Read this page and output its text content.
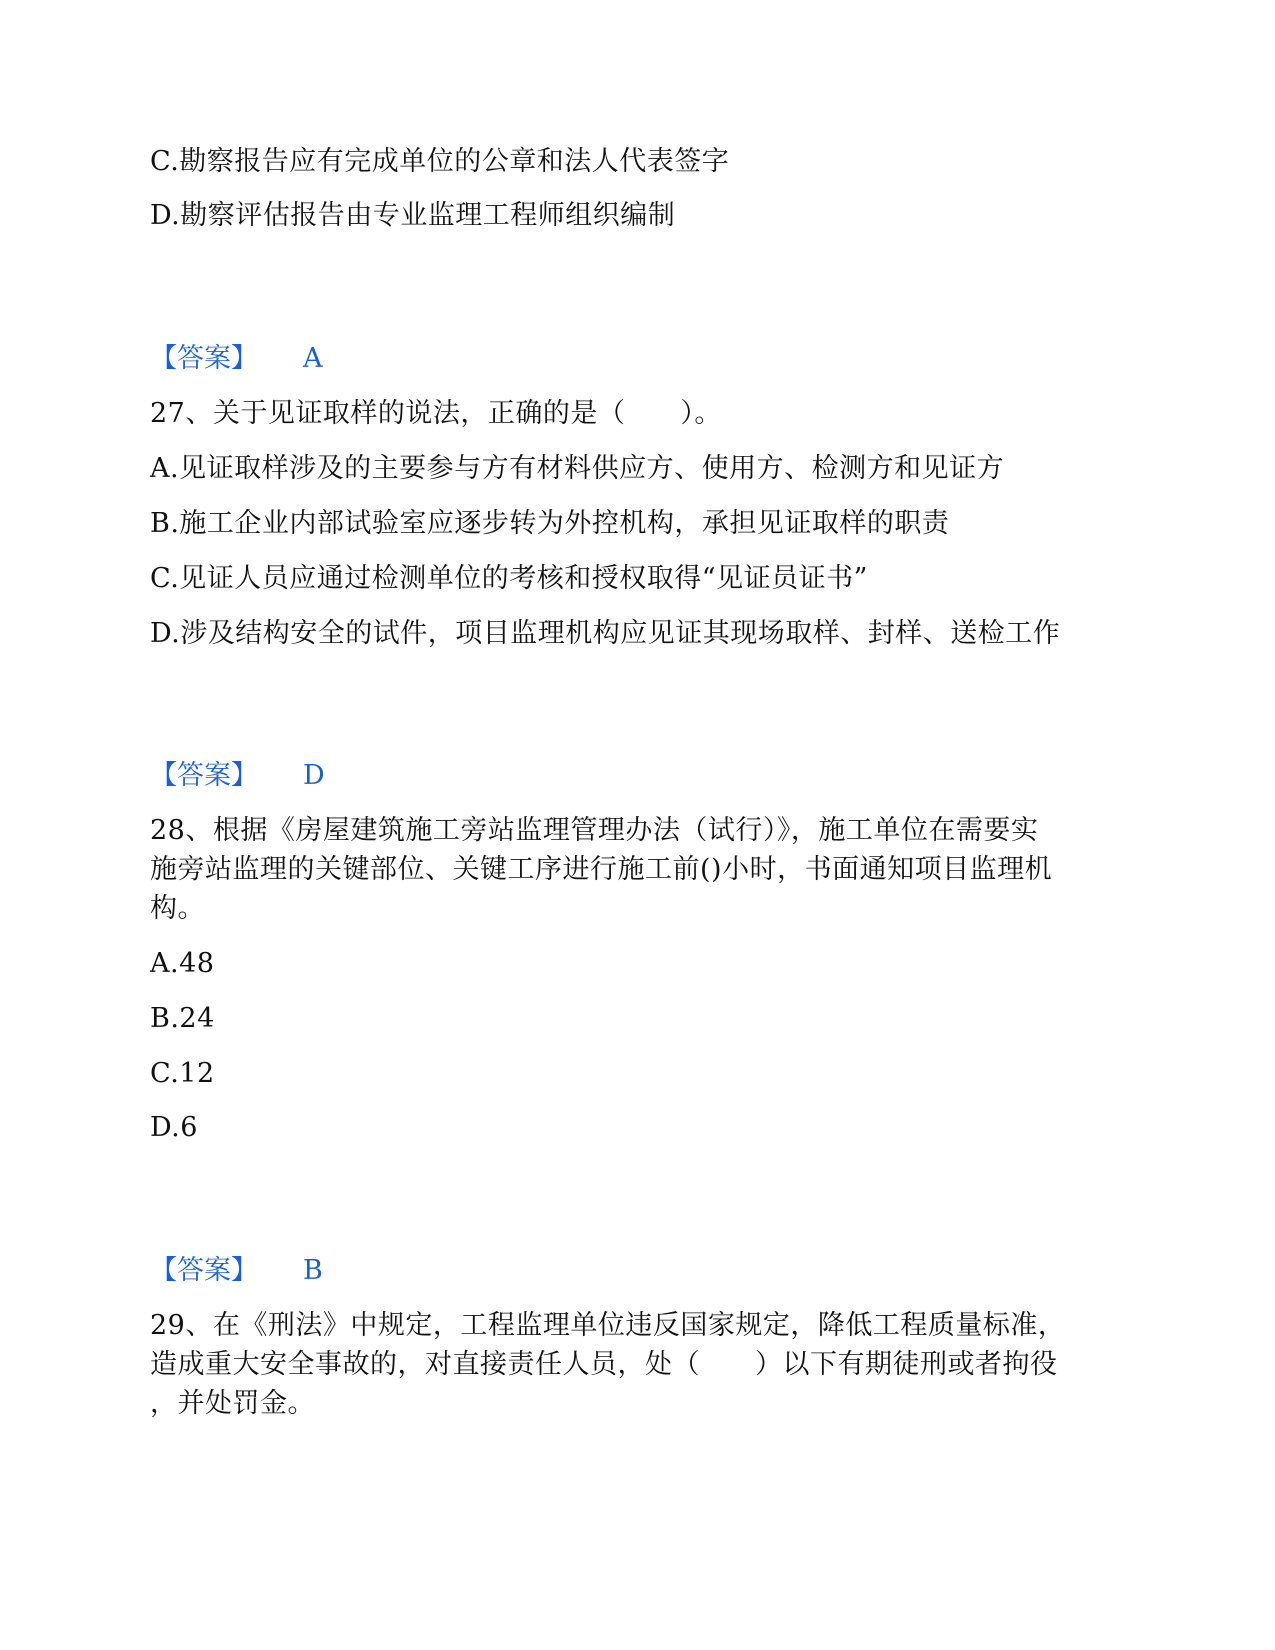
C.勘察报告应有完成单位的公章和法人代表签字
D.勘察评估报告由专业监理工程师组织编制
【答案】 A
27、关于见证取样的说法，正确的是（　　）。
A.见证取样涉及的主要参与方有材料供应方、使用方、检测方和见证方
B.施工企业内部试验室应逐步转为外控机构，承担见证取样的职责
C.见证人员应通过检测单位的考核和授权取得“见证员证书”
D.涉及结构安全的试件，项目监理机构应见证其现场取样、封样、送检工作
【答案】 D
28、根据《房屋建筑施工旁站监理管理办法（试行）》，施工单位在需要实
施旁站监理的关键部位、关键工序进行施工前()小时，书面通知项目监理机
构。
A.48
B.24
C.12
D.6
【答案】 B
29、在《刑法》中规定，工程监理单位违反国家规定，降低工程质量标准，
造成重大安全事故的，对直接责任人员，处（　　）以下有期徒刑或者拘役
，并处罚金。
